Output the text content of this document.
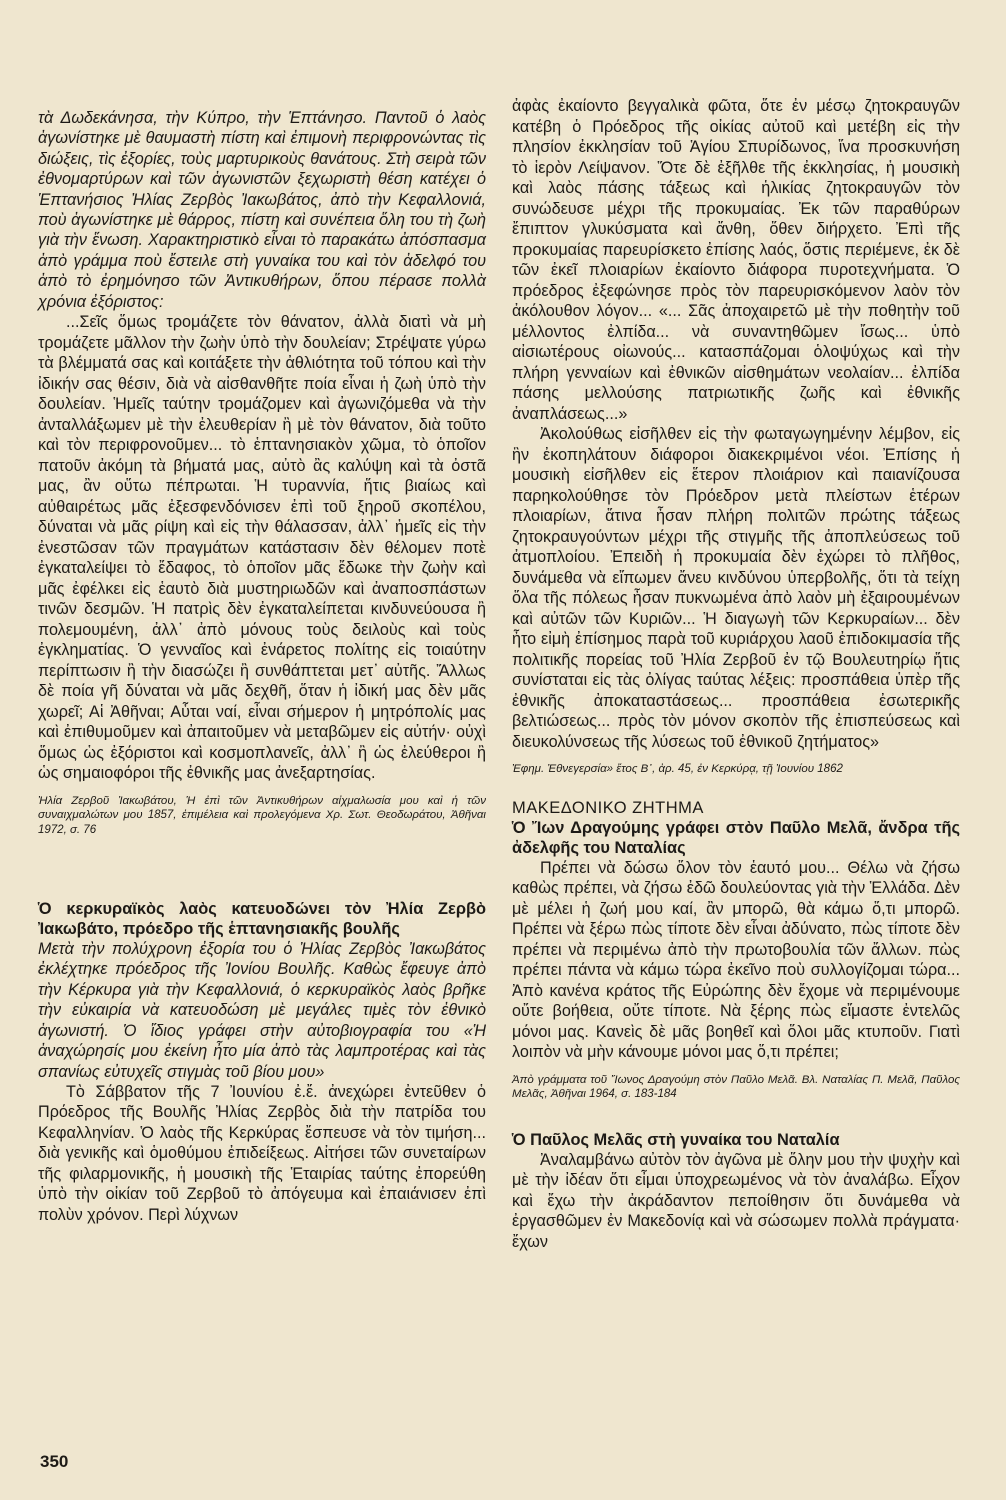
τὰ Δωδεκάνησα, τὴν Κύπρο, τὴν Ἑπτάνησο. Παντοῦ ὁ λαὸς ἀγωνίστηκε μὲ θαυμαστὴ πίστη καὶ ἐπιμονὴ περιφρονώντας τὶς διώξεις, τὶς ἐξορίες, τοὺς μαρτυρικοὺς θανάτους. Στὴ σειρὰ τῶν ἐθνομαρτύρων καὶ τῶν ἀγωνιστῶν ξεχωριστὴ θέση κατέχει ὁ Ἑπτανήσιος Ἠλίας Ζερβὸς Ἰακωβάτος, ἀπὸ τὴν Κεφαλλονιά, ποὺ ἀγωνίστηκε μὲ θάρρος, πίστη καὶ συνέπεια ὅλη του τὴ ζωὴ γιὰ τὴν ἕνωση. Χαρακτηριστικὸ εἶναι τὸ παρακάτω ἀπόσπασμα ἀπὸ γράμμα ποὺ ἔστειλε στὴ γυναίκα του καὶ τὸν ἀδελφό του ἀπὸ τὸ ἐρημόνησο τῶν Ἀντικυθήρων, ὅπου πέρασε πολλὰ χρόνια ἐξόριστος:

...Σεῖς ὅμως τρομάζετε τὸν θάνατον, ἀλλὰ διατὶ νὰ μὴ τρομάζετε μᾶλλον τὴν ζωὴν ὑπὸ τὴν δουλείαν; Στρέψατε γύρω τὰ βλέμματά σας καὶ κοιτάξετε τὴν ἀθλιότητα τοῦ τόπου καὶ τὴν ἰδικήν σας θέσιν, διὰ νὰ αἰσθανθῆτε ποία εἶναι ἡ ζωὴ ὑπὸ τὴν δουλείαν. Ἡμεῖς ταύτην τρομάζομεν καὶ ἀγωνιζόμεθα νὰ τὴν ἀνταλλάξωμεν μὲ τὴν ἐλευθερίαν ἢ μὲ τὸν θάνατον, διὰ τοῦτο καὶ τὸν περιφρονοῦμεν... τὸ ἑπτανησιακὸν χῶμα, τὸ ὁποῖον πατοῦν ἀκόμη τὰ βήματά μας, αὐτὸ ἂς καλύψη καὶ τὰ ὀστᾶ μας, ἂν οὕτω πέπρωται. Ἡ τυραννία, ἥτις βιαίως καὶ αὐθαιρέτως μᾶς ἐξεσφενδόνισεν ἐπὶ τοῦ ξηροῦ σκοπέλου, δύναται νὰ μᾶς ρίψη καὶ εἰς τὴν θάλασσαν, ἀλλ᾽ ἡμεῖς εἰς τὴν ἐνεστῶσαν τῶν πραγμάτων κατάστασιν δὲν θέλομεν ποτὲ ἐγκαταλείψει τὸ ἔδαφος, τὸ ὁποῖον μᾶς ἔδωκε τὴν ζωὴν καὶ μᾶς ἐφέλκει εἰς ἑαυτὸ διὰ μυστηριωδῶν καὶ ἀναποσπάστων τινῶν δεσμῶν. Ἡ πατρὶς δὲν ἐγκαταλείπεται κινδυνεύουσα ἢ πολεμουμένη, ἀλλ᾽ ἀπὸ μόνους τοὺς δειλοὺς καὶ τοὺς ἐγκληματίας. Ὁ γενναῖος καὶ ἐνάρετος πολίτης εἰς τοιαύτην περίπτωσιν ἢ τὴν διασώζει ἢ συνθάπτεται μετ᾽ αὐτῆς. Ἄλλως δὲ ποία γῆ δύναται νὰ μᾶς δεχθῆ, ὅταν ἡ ἰδική μας δὲν μᾶς χωρεῖ; Αἱ Ἀθῆναι; Αὗται ναί, εἶναι σήμερον ἡ μητρόπολίς μας καὶ ἐπιθυμοῦμεν καὶ ἀπαιτοῦμεν νὰ μεταβῶμεν εἰς αὐτήν· οὐχὶ ὅμως ὡς ἐξόριστοι καὶ κοσμοπλανεῖς, ἀλλ᾽ ἢ ὡς ἐλεύθεροι ἢ ὡς σημαιοφόροι τῆς ἐθνικῆς μας ἀνεξαρτησίας.

Ἠλία Ζερβοῦ Ἰακωβάτου, Ἡ ἐπὶ τῶν Ἀντικυθήρων αἰχμαλωσία μου καὶ ἡ τῶν συναιχμαλώτων μου 1857, ἐπιμέλεια καὶ προλεγόμενα Χρ. Σωτ. Θεοδωράτου, Ἀθῆναι 1972, σ. 76

Ὁ κερκυραϊκὸς λαὸς κατευοδώνει τὸν Ἠλία Ζερβὸ Ἰακωβάτο, πρόεδρο τῆς ἑπτανησιακῆς βουλῆς

Μετὰ τὴν πολύχρονη ἐξορία του ὁ Ἠλίας Ζερβὸς Ἰακωβάτος ἐκλέχτηκε πρόεδρος τῆς Ἰονίου Βουλῆς. Καθὼς ἔφευγε ἀπὸ τὴν Κέρκυρα γιὰ τὴν Κεφαλλονιά, ὁ κερκυραϊκὸς λαὸς βρῆκε τὴν εὐκαιρία νὰ κατευοδώση μὲ μεγάλες τιμὲς τὸν ἐθνικὸ ἀγωνιστή. Ὁ ἴδιος γράφει στὴν αὐτοβιογραφία του «Ἡ ἀναχώρησίς μου ἐκείνη ἦτο μία ἀπὸ τὰς λαμπροτέρας καὶ τὰς σπανίως εὐτυχεῖς στιγμὰς τοῦ βίου μου»

Τὸ Σάββατον τῆς 7 Ἰουνίου ἐ.ἔ. ἀνεχώρει ἐντεῦθεν ὁ Πρόεδρος τῆς Βουλῆς Ἠλίας Ζερβὸς διὰ τὴν πατρίδα του Κεφαλληνίαν. Ὁ λαὸς τῆς Κερκύρας ἔσπευσε νὰ τὸν τιμήση... διὰ γενικῆς καὶ ὁμοθύμου ἐπιδείξεως. Αἰτήσει τῶν συνεταίρων τῆς φιλαρμονικῆς, ἡ μουσικὴ τῆς Ἑταιρίας ταύτης ἐπορεύθη ὑπὸ τὴν οἰκίαν τοῦ Ζερβοῦ τὸ ἀπόγευμα καὶ ἐπαιάνισεν ἐπὶ πολὺν χρόνον. Περὶ λύχνων

ἀφὰς ἐκαίοντο βεγγαλικὰ φῶτα, ὅτε ἐν μέσῳ ζητοκραυγῶν κατέβη ὁ Πρόεδρος τῆς οἰκίας αὐτοῦ καὶ μετέβη εἰς τὴν πλησίον ἐκκλησίαν τοῦ Ἁγίου Σπυρίδωνος, ἵνα προσκυνήση τὸ ἱερὸν Λείψανον. Ὅτε δὲ ἐξῆλθε τῆς ἐκκλησίας, ἡ μουσικὴ καὶ λαὸς πάσης τάξεως καὶ ἡλικίας ζητοκραυγῶν τὸν συνώδευσε μέχρι τῆς προκυμαίας. Ἐκ τῶν παραθύρων ἔπιπτον γλυκύσματα καὶ ἄνθη, ὅθεν διήρχετο. Ἐπὶ τῆς προκυμαίας παρευρίσκετο ἐπίσης λαός, ὅστις περιέμενε, ἐκ δὲ τῶν ἐκεῖ πλοιαρίων ἐκαίοντο διάφορα πυροτεχνήματα. Ὁ πρόεδρος ἐξεφώνησε πρὸς τὸν παρευρισκόμενον λαὸν τὸν ἀκόλουθον λόγον... «... Σᾶς ἀποχαιρετῶ μὲ τὴν ποθητὴν τοῦ μέλλοντος ἐλπίδα... νὰ συναντηθῶμεν ἴσως... ὑπὸ αἰσιωτέρους οἰωνούς... κατασπάζομαι ὁλοψύχως καὶ τὴν πλήρη γενναίων καὶ ἐθνικῶν αἰσθημάτων νεολαίαν... ἐλπίδα πάσης μελλούσης πατριωτικῆς ζωῆς καὶ ἐθνικῆς ἀναπλάσεως...»

Ἀκολούθως εἰσῆλθεν εἰς τὴν φωταγωγημένην λέμβον, εἰς ἣν ἐκοπηλάτουν διάφοροι διακεκριμένοι νέοι. Ἐπίσης ἡ μουσικὴ εἰσῆλθεν εἰς ἕτερον πλοιάριον καὶ παιανίζουσα παρηκολούθησε τὸν Πρόεδρον μετὰ πλείστων ἑτέρων πλοιαρίων, ἅτινα ἦσαν πλήρη πολιτῶν πρώτης τάξεως ζητοκραυγούντων μέχρι τῆς στιγμῆς τῆς ἀπoπλεύσεως τοῦ ἀτμοπλοίου. Ἐπειδὴ ἡ προκυμαία δὲν ἐχώρει τὸ πλῆθος, δυνάμεθα νὰ εἴπωμεν ἄνευ κινδύνου ὑπερβολῆς, ὅτι τὰ τείχη ὅλα τῆς πόλεως ἦσαν πυκνωμένα ἀπὸ λαὸν μὴ ἐξαιρουμένων καὶ αὐτῶν τῶν Κυριῶν... Ἡ διαγωγὴ τῶν Κερκυραίων... δὲν ἦτο εἰμὴ ἐπίσημος παρὰ τοῦ κυριάρχου λαοῦ ἐπιδοκιμασία τῆς πολιτικῆς πορείας τοῦ Ἠλία Ζερβοῦ ἐν τῷ Βουλευτηρίῳ ἥτις συνίσταται εἰς τὰς ὀλίγας ταύτας λέξεις: προσπάθεια ὑπὲρ τῆς ἐθνικῆς ἀποκαταστάσεως... προσπάθεια ἐσωτερικῆς βελτιώσεως... πρὸς τὸν μόνον σκοπὸν τῆς ἐπισπεύσεως καὶ διευκολύνσεως τῆς λύσεως τοῦ ἐθνικοῦ ζητήματος»

Ἐφημ. Ἐθνεγερσία» ἔτος Β᾽, ἀρ. 45, ἐν Κερκύρᾳ, τῇ Ἰουνίου 1862

ΜΑΚΕΔΟΝΙΚΟ ΖΗΤΗΜΑ

Ὁ Ἴων Δραγούμης γράφει στὸν Παῦλο Μελᾶ, ἄνδρα τῆς ἀδελφῆς του Ναταλίας

Πρέπει νὰ δώσω ὅλον τὸν ἑαυτό μου... Θέλω νὰ ζήσω καθὼς πρέπει, νὰ ζήσω ἐδῶ δουλεύοντας γιὰ τὴν Ἑλλάδα. Δὲν μὲ μέλει ἡ ζωή μου καί, ἂν μπορῶ, θὰ κάμω ὅ,τι μπορῶ. Πρέπει νὰ ξέρω πὼς τίποτε δὲν εἶναι ἀδύνατο, πὼς τίποτε δὲν πρέπει νὰ περιμένω ἀπὸ τὴν πρωτοβουλία τῶν ἄλλων. πὼς πρέπει πάντα νὰ κάμω τώρα ἐκεῖνο ποὺ συλλογίζομαι τώρα... Ἀπὸ κανένα κράτος τῆς Εὐρώπης δὲν ἔχομε νὰ περιμένουμε οὔτε βοήθεια, οὔτε τίποτε. Νὰ ξέρης πὼς εἴμαστε ἐντελῶς μόνοι μας. Κανεὶς δὲ μᾶς βοηθεῖ καὶ ὅλοι μᾶς κτυποῦν. Γιατὶ λοιπὸν νὰ μὴν κάνουμε μόνοι μας ὅ,τι πρέπει;

Ἀπὸ γράμματα τοῦ Ἴωνος Δραγούμη στὸν Παῦλο Μελᾶ. Βλ. Ναταλίας Π. Μελᾶ, Παῦλος Μελᾶς, Ἀθῆναι 1964, σ. 183-184

Ὁ Παῦλος Μελᾶς στὴ γυναίκα του Ναταλία

Ἀναλαμβάνω αὐτὸν τὸν ἀγῶνα μὲ ὅλην μου τὴν ψυχὴν καὶ μὲ τὴν ἰδέαν ὅτι εἶμαι ὑποχρεωμένος νὰ τὸν ἀναλάβω. Εἶχον καὶ ἔχω τὴν ἀκράδαντον πεποίθησιν ὅτι δυνάμεθα νὰ ἐργασθῶμεν ἐν Μακεδονίᾳ καὶ νὰ σώσωμεν πολλὰ πράγματα· ἔχων

350
